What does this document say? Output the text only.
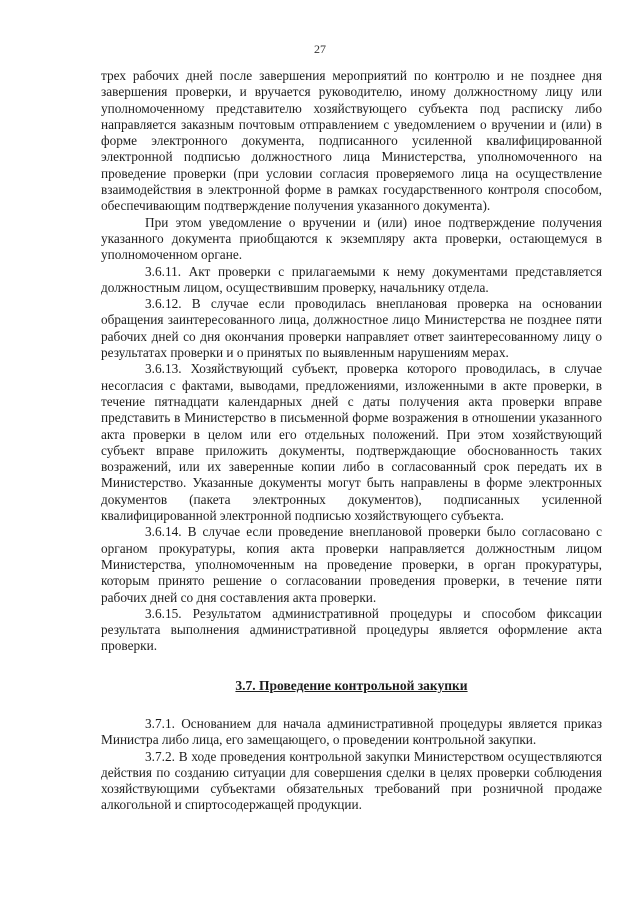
27

трех рабочих дней после завершения мероприятий по контролю и не позднее дня завершения проверки, и вручается руководителю, иному должностному лицу или уполномоченному представителю хозяйствующего субъекта под расписку либо направляется заказным почтовым отправлением с уведомлением о вручении и (или) в форме электронного документа, подписанного усиленной квалифицированной электронной подписью должностного лица Министерства, уполномоченного на проведение проверки (при условии согласия проверяемого лица на осуществление взаимодействия в электронной форме в рамках государственного контроля способом, обеспечивающим подтверждение получения указанного документа).

При этом уведомление о вручении и (или) иное подтверждение получения указанного документа приобщаются к экземпляру акта проверки, остающемуся в уполномоченном органе.

3.6.11. Акт проверки с прилагаемыми к нему документами представляется должностным лицом, осуществившим проверку, начальнику отдела.

3.6.12. В случае если проводилась внеплановая проверка на основании обращения заинтересованного лица, должностное лицо Министерства не позднее пяти рабочих дней со дня окончания проверки направляет ответ заинтересованному лицу о результатах проверки и о принятых по выявленным нарушениям мерах.

3.6.13. Хозяйствующий субъект, проверка которого проводилась, в случае несогласия с фактами, выводами, предложениями, изложенными в акте проверки, в течение пятнадцати календарных дней с даты получения акта проверки вправе представить в Министерство в письменной форме возражения в отношении указанного акта проверки в целом или его отдельных положений. При этом хозяйствующий субъект вправе приложить документы, подтверждающие обоснованность таких возражений, или их заверенные копии либо в согласованный срок передать их в Министерство. Указанные документы могут быть направлены в форме электронных документов (пакета электронных документов), подписанных усиленной квалифицированной электронной подписью хозяйствующего субъекта.

3.6.14. В случае если проведение внеплановой проверки было согласовано с органом прокуратуры, копия акта проверки направляется должностным лицом Министерства, уполномоченным на проведение проверки, в орган прокуратуры, которым принято решение о согласовании проведения проверки, в течение пяти рабочих дней со дня составления акта проверки.

3.6.15. Результатом административной процедуры и способом фиксации результата выполнения административной процедуры является оформление акта проверки.

3.7. Проведение контрольной закупки

3.7.1. Основанием для начала административной процедуры является приказ Министра либо лица, его замещающего, о проведении контрольной закупки.

3.7.2. В ходе проведения контрольной закупки Министерством осуществляются действия по созданию ситуации для совершения сделки в целях проверки соблюдения хозяйствующими субъектами обязательных требований при розничной продаже алкогольной и спиртосодержащей продукции.
